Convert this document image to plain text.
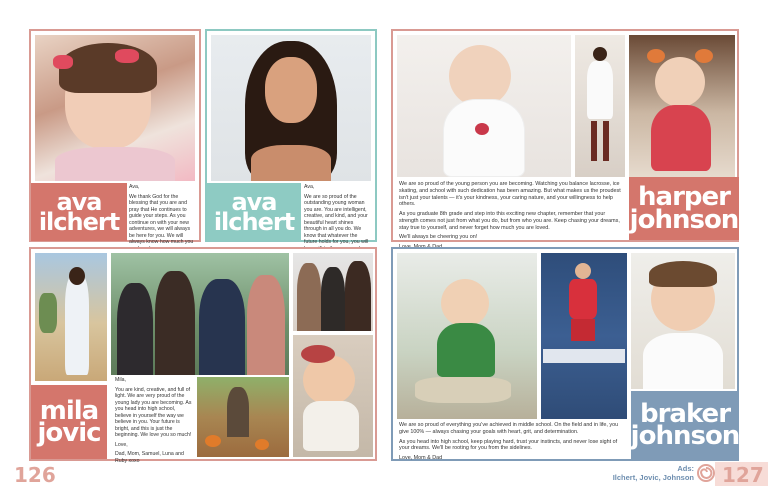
ava
ilchert

Ava,

We thank God for the blessing that you are and pray that He continues to guide your steps. As you continue on with your new adventures, we will always be here for you. We will always know how much you

ava
ilchert

Ava,

We are so proud of the outstanding young woman you are. You are intelligent, creative, and kind, and your beautiful heart shines through in all you do. We know that whatever the future holds for you, you will

Mila,

You are kind, creative, and full of light. We are very proud of the young lady you are becoming. As you head into high school, believe in yourself the way we believe in you. Your future is bright, and this is just the beginning. We love you so much!

Love,

Dad, Mom, Samuel, Luna and Ruby xoxo

mila
jovic
126

We are so proud of the young person you are becoming. Watching you balance lacrosse, ice skating, and school with such dedication has been amazing. But what makes us the proudest isn't just your talents — it's your kindness, your caring nature, and your willingness to help others.

As you graduate 8th grade and step into this exciting new chapter, remember that your strength comes not just from what you do, but from who you are. Keep chasing your dreams, stay true to yourself, and never forget how much you are loved.

We'll always be cheering you on!

harper
johnson

We are so proud of everything you've achieved in middle school. On the field and in life, you give 100% — always chasing your goals with heart, grit, and determination.

As you head into high school, keep playing hard, trust your instincts, and never lose sight of your dreams. We'll be rooting for you from the sidelines.

Love, Mom & Dad

braker
johnson
Ads:
Ilchert, Jovic, Johnson 127
